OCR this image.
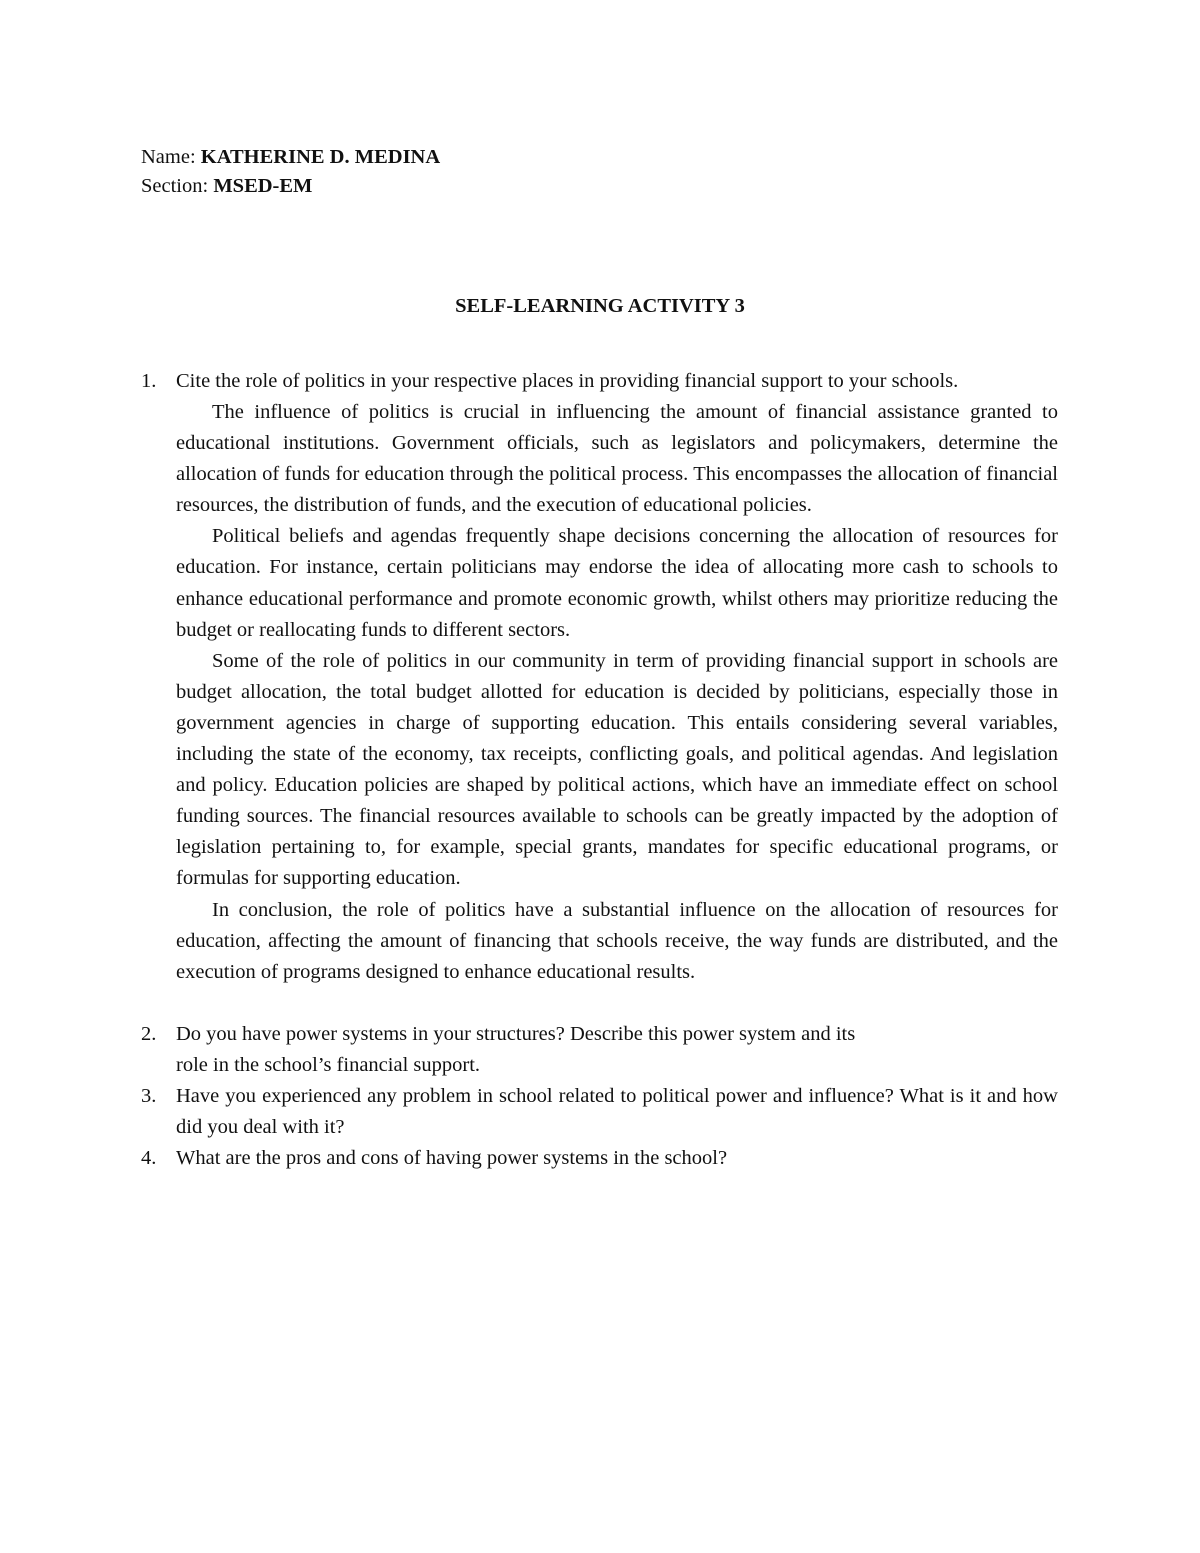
Name: KATHERINE D. MEDINA
Section: MSED-EM
SELF-LEARNING ACTIVITY 3
1. Cite the role of politics in your respective places in providing financial support to your schools.

The influence of politics is crucial in influencing the amount of financial assistance granted to educational institutions. Government officials, such as legislators and policymakers, determine the allocation of funds for education through the political process. This encompasses the allocation of financial resources, the distribution of funds, and the execution of educational policies.

Political beliefs and agendas frequently shape decisions concerning the allocation of resources for education. For instance, certain politicians may endorse the idea of allocating more cash to schools to enhance educational performance and promote economic growth, whilst others may prioritize reducing the budget or reallocating funds to different sectors.

Some of the role of politics in our community in term of providing financial support in schools are budget allocation, the total budget allotted for education is decided by politicians, especially those in government agencies in charge of supporting education. This entails considering several variables, including the state of the economy, tax receipts, conflicting goals, and political agendas. And legislation and policy. Education policies are shaped by political actions, which have an immediate effect on school funding sources. The financial resources available to schools can be greatly impacted by the adoption of legislation pertaining to, for example, special grants, mandates for specific educational programs, or formulas for supporting education.

In conclusion, the role of politics have a substantial influence on the allocation of resources for education, affecting the amount of financing that schools receive, the way funds are distributed, and the execution of programs designed to enhance educational results.

2. Do you have power systems in your structures? Describe this power system and its
role in the school’s financial support.
3. Have you experienced any problem in school related to political power and influence? What is it and how did you deal with it?
4. What are the pros and cons of having power systems in the school?
